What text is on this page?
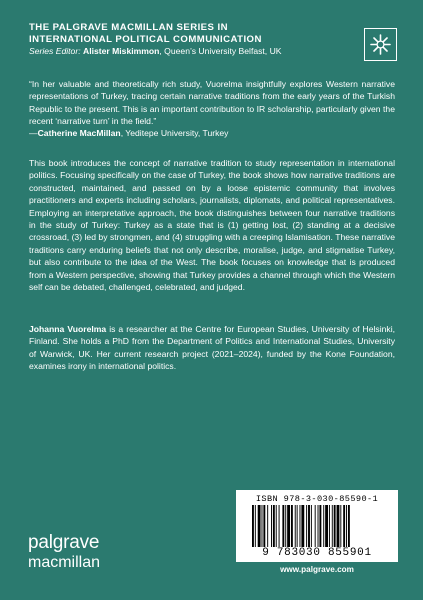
THE PALGRAVE MACMILLAN SERIES IN
INTERNATIONAL POLITICAL COMMUNICATION
Series Editor: Alister Miskimmon, Queen’s University Belfast, UK
“In her valuable and theoretically rich study, Vuorelma insightfully explores Western narrative representations of Turkey, tracing certain narrative traditions from the early years of the Turkish Republic to the present. This is an important contribution to IR scholarship, particularly given the recent ‘narrative turn’ in the field.”
—Catherine MacMillan, Yeditepe University, Turkey
This book introduces the concept of narrative tradition to study representation in international politics. Focusing specifically on the case of Turkey, the book shows how narrative traditions are constructed, maintained, and passed on by a loose epistemic community that involves practitioners and experts including scholars, journalists, diplomats, and political representatives. Employing an interpretative approach, the book distinguishes between four narrative traditions in the study of Turkey: Turkey as a state that is (1) getting lost, (2) standing at a decisive crossroad, (3) led by strongmen, and (4) struggling with a creeping Islamisation. These narrative traditions carry enduring beliefs that not only describe, moralise, judge, and stigmatise Turkey, but also contribute to the idea of the West. The book focuses on knowledge that is produced from a Western perspective, showing that Turkey provides a channel through which the Western self can be debated, challenged, celebrated, and judged.
Johanna Vuorelma is a researcher at the Centre for European Studies, University of Helsinki, Finland. She holds a PhD from the Department of Politics and International Studies, University of Warwick, UK. Her current research project (2021–2024), funded by the Kone Foundation, examines irony in international politics.
ISBN 978-3-030-85590-1
9 783030 855901
www.palgrave.com
palgrave
macmillan
